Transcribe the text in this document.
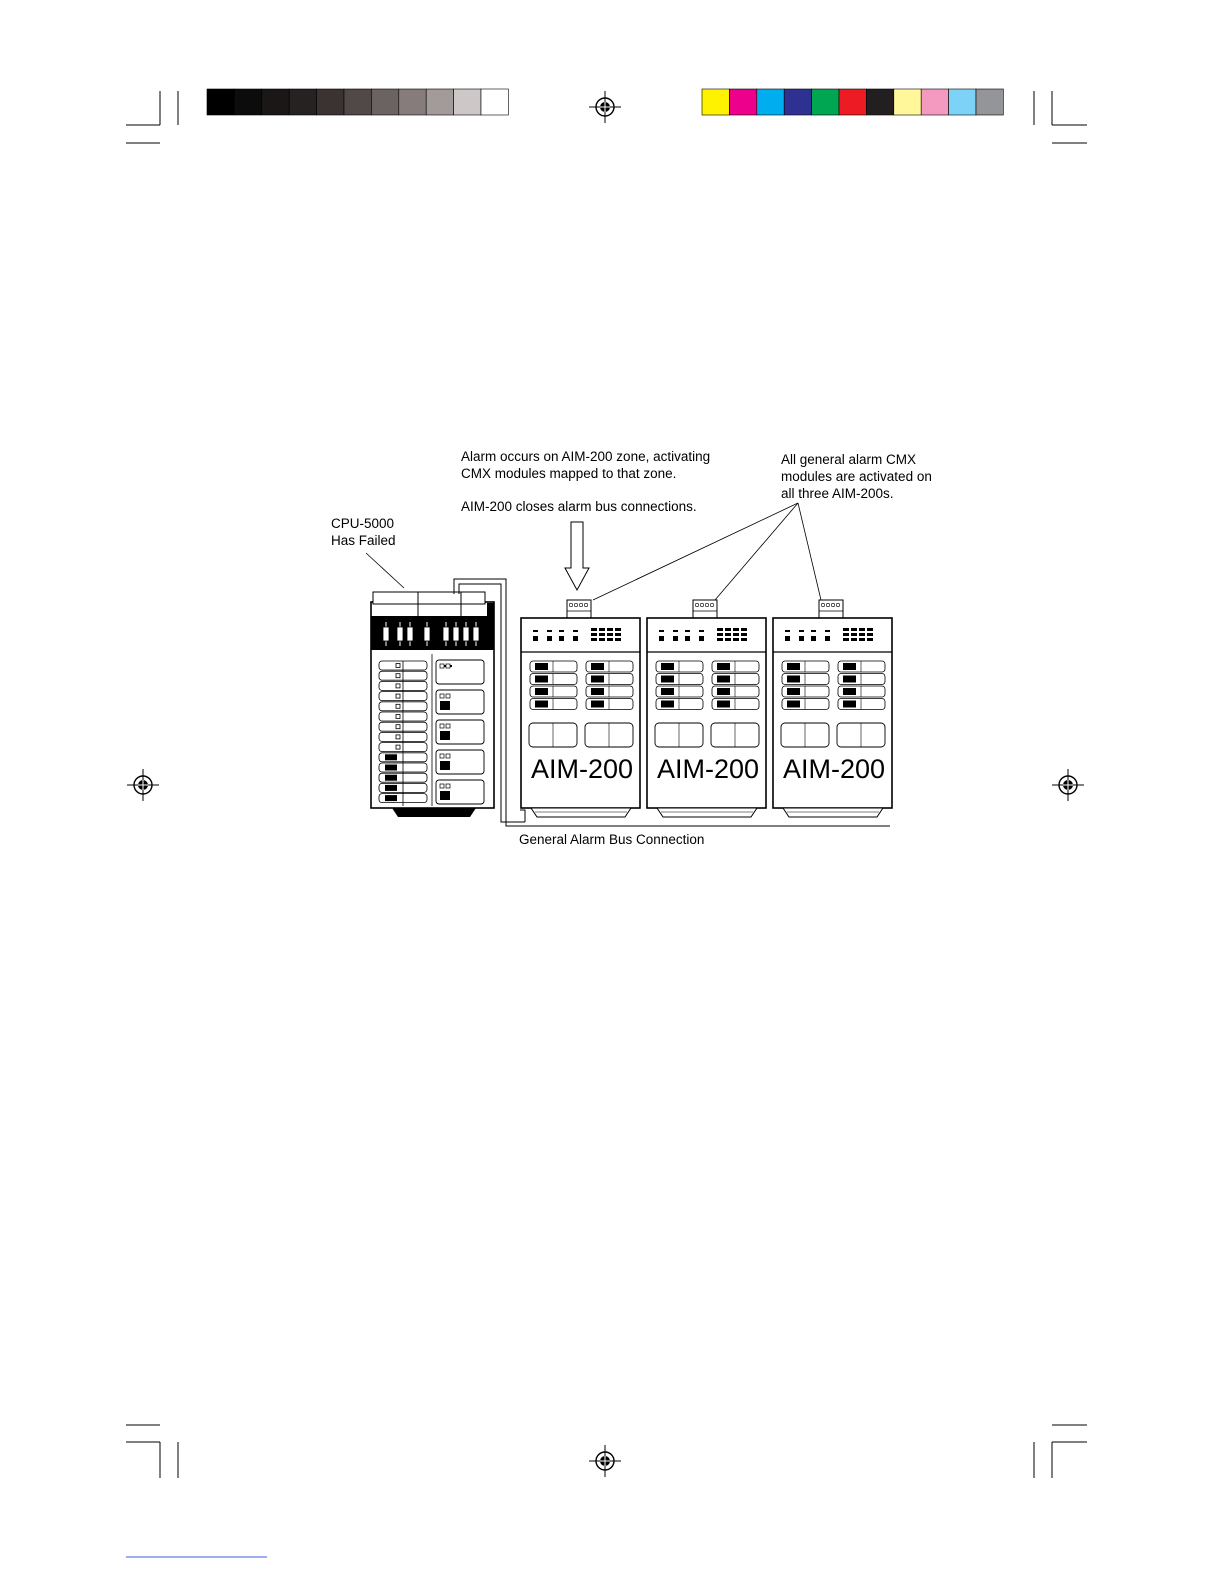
AIM-200 AIM-200 AIM-200
Alarm occurs on AIM-200 zone, activating
CMX modules mapped to that zone.
AIM-200 closes alarm bus connections.
All general alarm CMX
modules are activated on
all three AIM-200s.
CPU-5000
Has Failed
General Alarm Bus Connection
